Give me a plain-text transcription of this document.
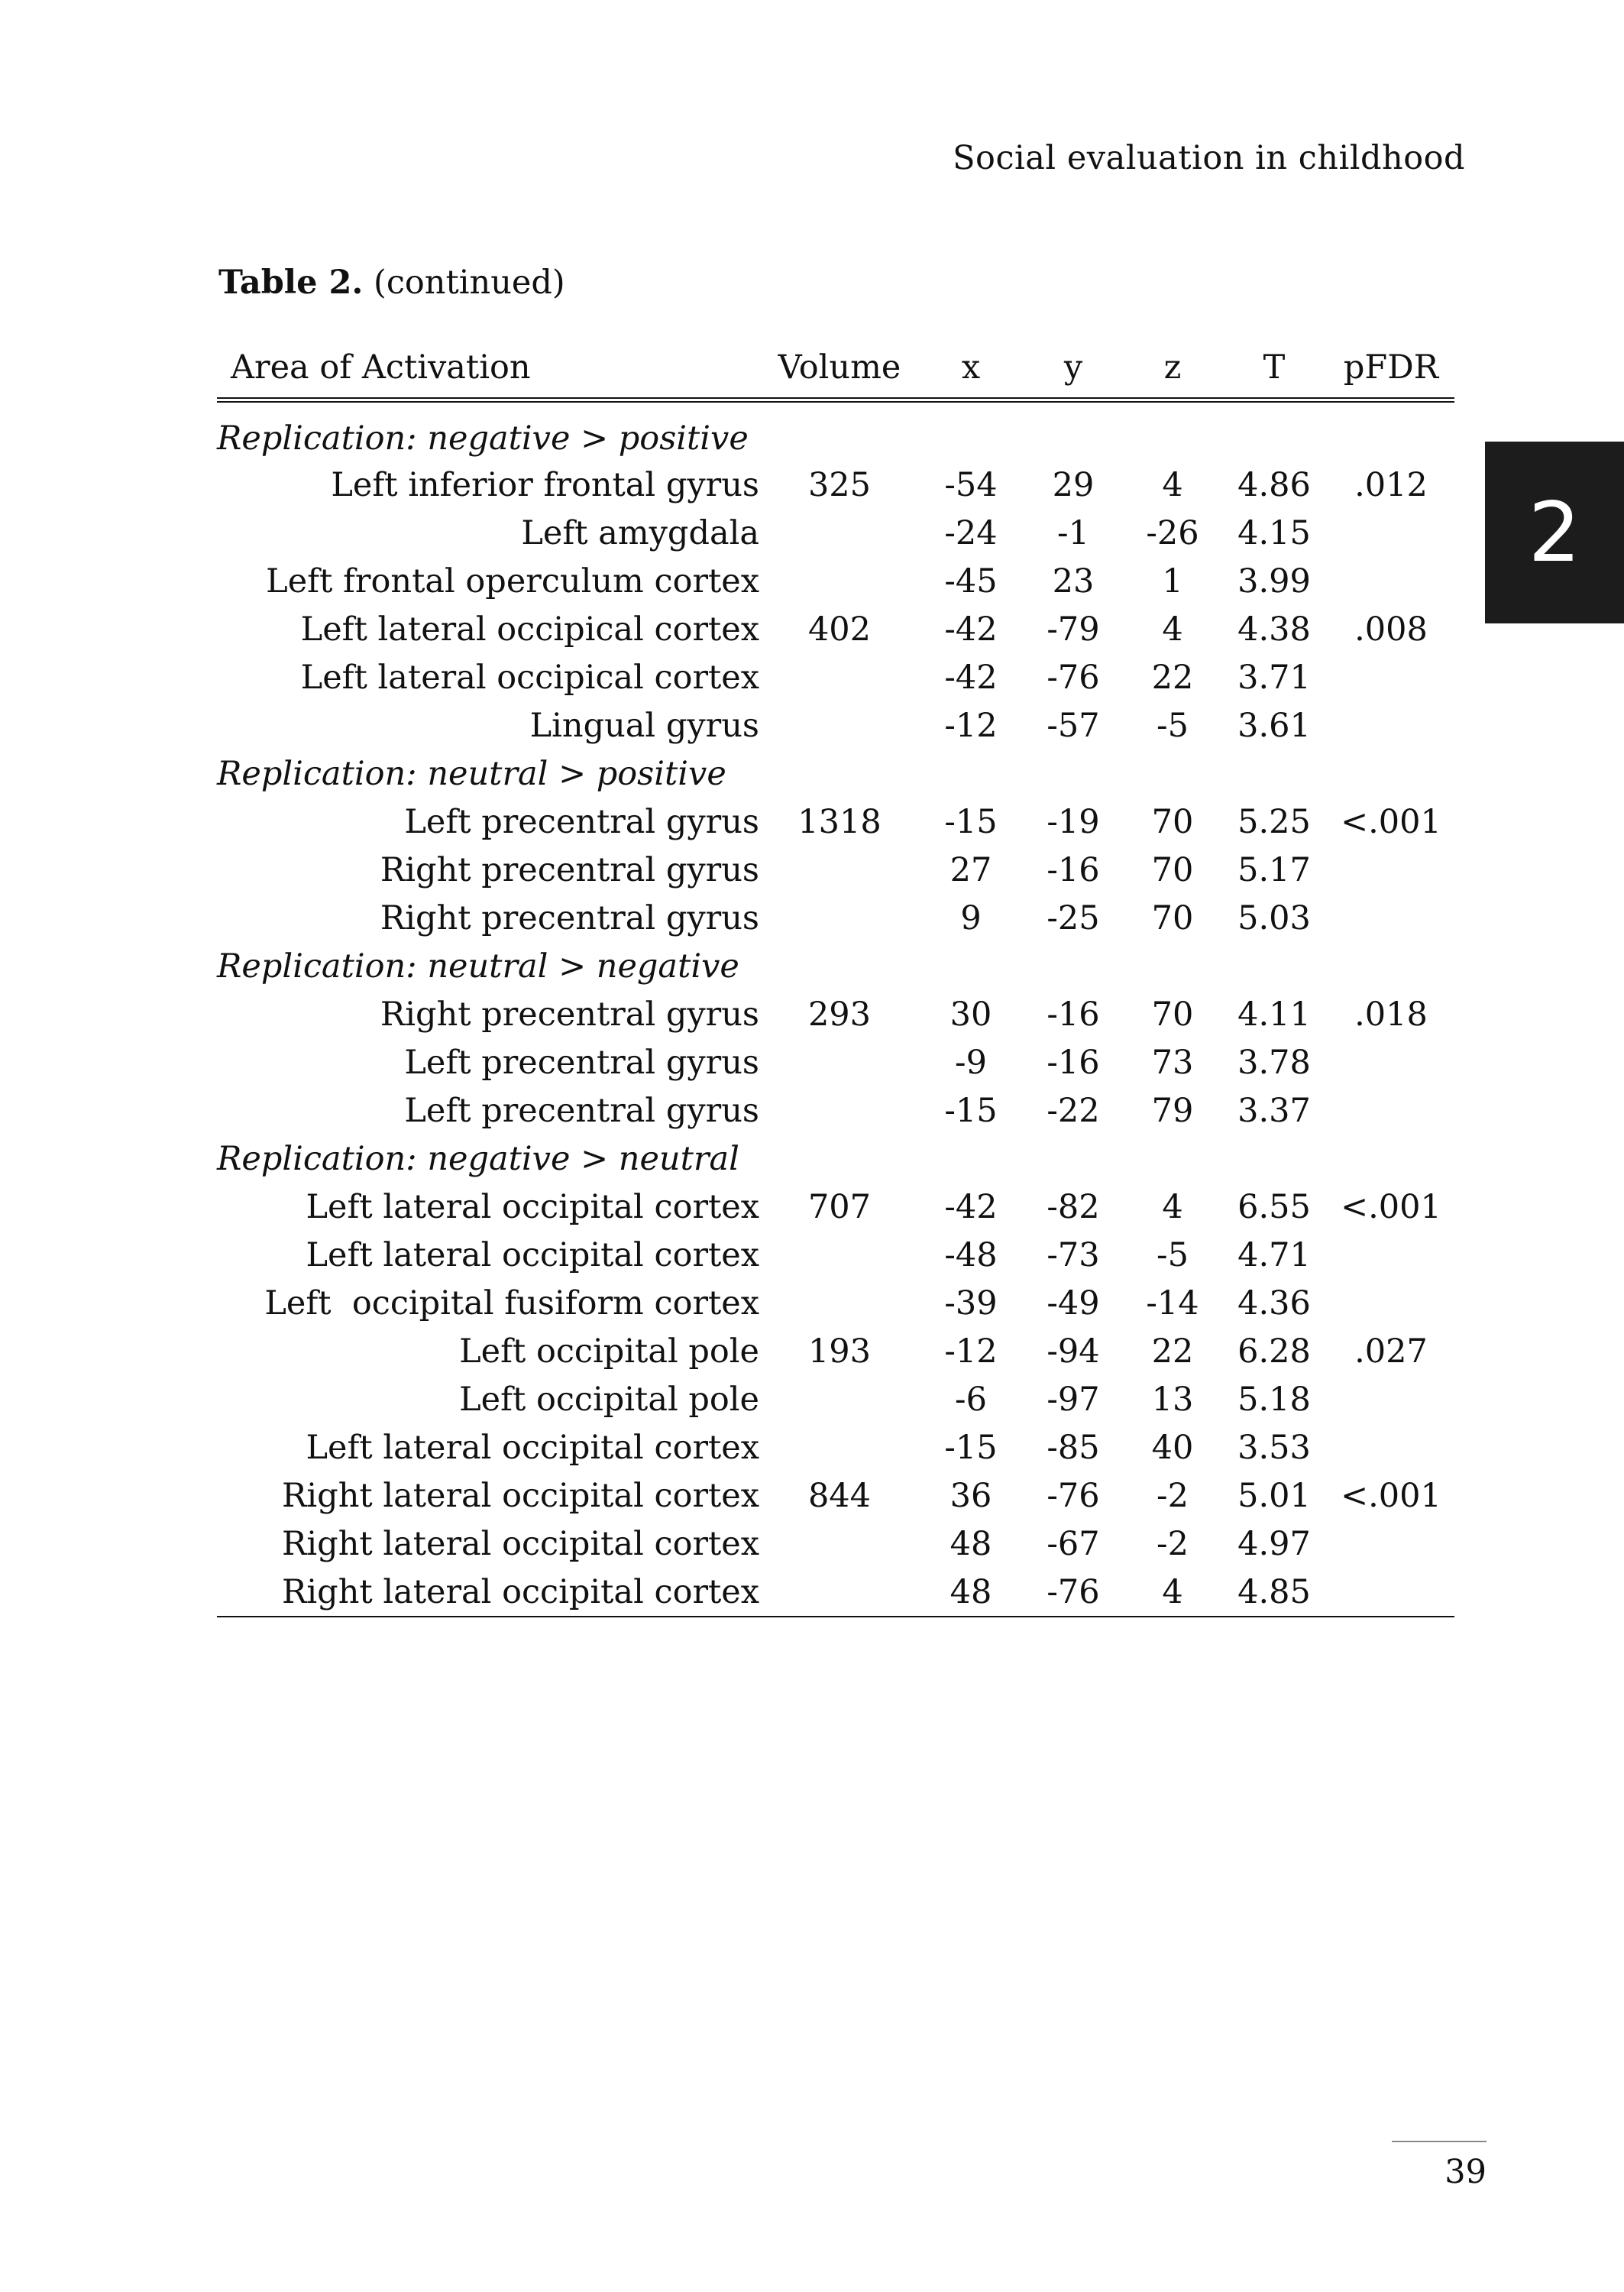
Social evaluation in childhood
2
Table 2. (continued)
Area of Activation	Volume	x	y	z	T	pFDR
Replication: negative > positive						
Left inferior frontal gyrus	325	-54	29	4	4.86	.012
Left amygdala		-24	-1	-26	4.15	
Left frontal operculum cortex		-45	23	1	3.99	
Left lateral occipical cortex	402	-42	-79	4	4.38	.008
Left lateral occipical cortex		-42	-76	22	3.71	
Lingual gyrus		-12	-57	-5	3.61	
Replication: neutral > positive						
Left precentral gyrus	1318	-15	-19	70	5.25	<.001
Right precentral gyrus		27	-16	70	5.17	
Right precentral gyrus		9	-25	70	5.03	
Replication: neutral > negative						
Right precentral gyrus	293	30	-16	70	4.11	.018
Left precentral gyrus		-9	-16	73	3.78	
Left precentral gyrus		-15	-22	79	3.37	
Replication: negative > neutral						
Left lateral occipital cortex	707	-42	-82	4	6.55	<.001
Left lateral occipital cortex		-48	-73	-5	4.71	
Left  occipital fusiform cortex		-39	-49	-14	4.36	
Left occipital pole	193	-12	-94	22	6.28	.027
Left occipital pole		-6	-97	13	5.18	
Left lateral occipital cortex		-15	-85	40	3.53	
Right lateral occipital cortex	844	36	-76	-2	5.01	<.001
Right lateral occipital cortex		48	-67	-2	4.97	
Right lateral occipital cortex		48	-76	4	4.85	
39
